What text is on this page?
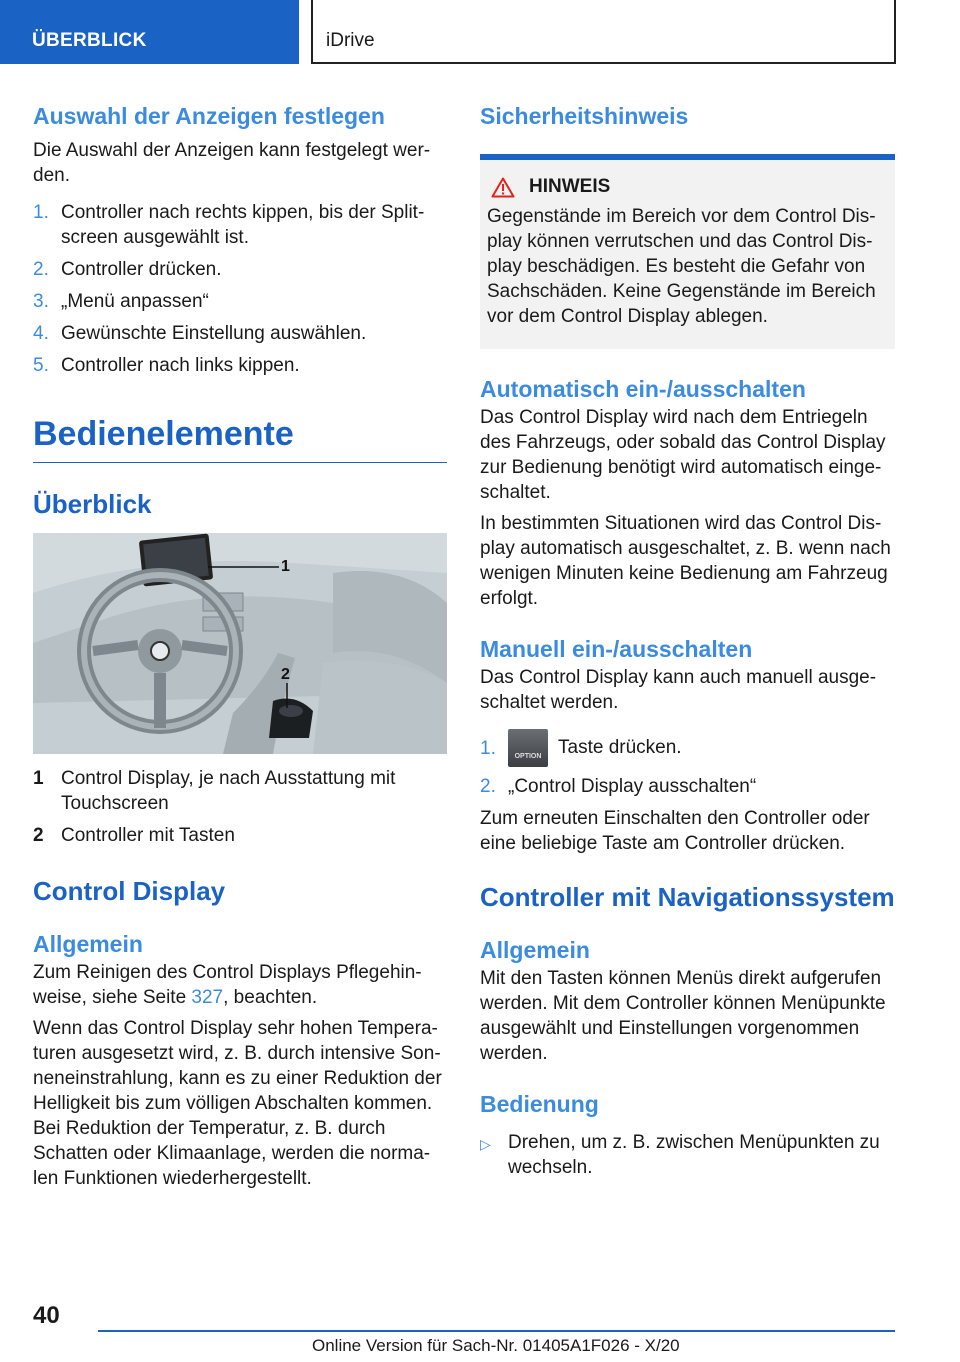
ÜBERBLICK	iDrive
Auswahl der Anzeigen festlegen

Die Auswahl der Anzeigen kann festgelegt wer-den.

1. Controller nach rechts kippen, bis der Split-screen ausgewählt ist.
2. Controller drücken.
3. „Menü anpassen“
4. Gewünschte Einstellung auswählen.
5. Controller nach links kippen.
Bedienelemente
Überblick
1
2
1 Control Display, je nach Ausstattung mit Touchscreen
2 Controller mit Tasten
Control Display
Allgemein

Zum Reinigen des Control Displays Pflegehin-weise, siehe Seite 327, beachten.

Wenn das Control Display sehr hohen Tempera-turen ausgesetzt wird, z. B. durch intensive Son-neneinstrahlung, kann es zu einer Reduktion der Helligkeit bis zum völligen Abschalten kommen. Bei Reduktion der Temperatur, z. B. durch Schatten oder Klimaanlage, werden die norma-len Funktionen wiederhergestellt.

Sicherheitshinweis
HINWEIS

Gegenstände im Bereich vor dem Control Dis-play können verrutschen und das Control Dis-play beschädigen. Es besteht die Gefahr von Sachschäden. Keine Gegenstände im Bereich vor dem Control Display ablegen.

Automatisch ein-/ausschalten

Das Control Display wird nach dem Entriegeln des Fahrzeugs, oder sobald das Control Display zur Bedienung benötigt wird automatisch einge-schaltet.

In bestimmten Situationen wird das Control Dis-play automatisch ausgeschaltet, z. B. wenn nach wenigen Minuten keine Bedienung am Fahrzeug erfolgt.

Manuell ein-/ausschalten

Das Control Display kann auch manuell ausge-schaltet werden.

1.	OPTION Taste drücken.
2. „Control Display ausschalten“

Zum erneuten Einschalten den Controller oder eine beliebige Taste am Controller drücken.

Controller mit Navigationssystem
Allgemein

Mit den Tasten können Menüs direkt aufgerufen werden. Mit dem Controller können Menüpunkte ausgewählt und Einstellungen vorgenommen werden.

Bedienung
▷ Drehen, um z. B. zwischen Menüpunkten zu wechseln.
40
Online Version für Sach-Nr. 01405A1F026 - X/20
